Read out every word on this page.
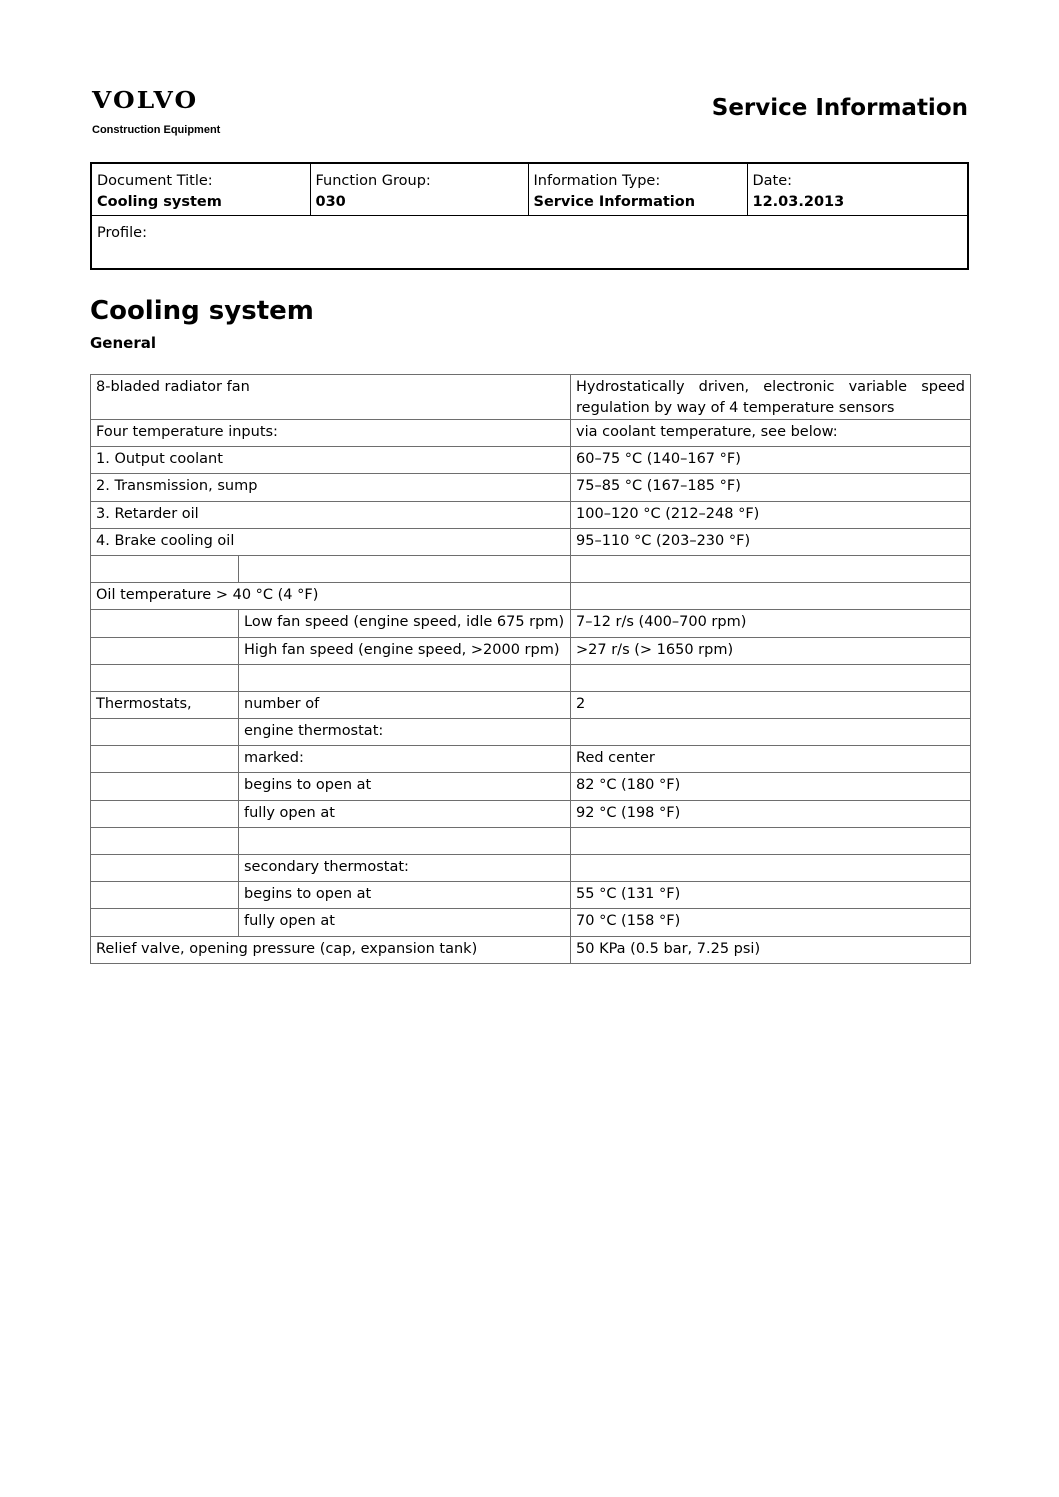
VOLVO
Construction Equipment
Service Information
Document Title:
Cooling system

Function Group:
030

Information Type:
Service Information

Date:
12.03.2013

Profile:
Cooling system
General
8-bladed radiator fan		Hydrostatically driven, electronic variable speed regulation by way of 4 temperature sensors
Four temperature inputs:		via coolant temperature, see below:
1. Output coolant		60–75 °C (140–167 °F)
2. Transmission, sump		75–85 °C (167–185 °F)
3. Retarder oil		100–120 °C (212–248 °F)
4. Brake cooling oil		95–110 °C (203–230 °F)

Oil temperature > 40 °C (4 °F)		
	Low fan speed (engine speed, idle 675 rpm)	7–12 r/s (400–700 rpm)
	High fan speed (engine speed, >2000 rpm)	>27 r/s (> 1650 rpm)

Thermostats,	number of	2
	engine thermostat:	
	marked:	Red center
	begins to open at	82 °C (180 °F)
	fully open at	92 °C (198 °F)

	secondary thermostat:	
	begins to open at	55 °C (131 °F)
	fully open at	70 °C (158 °F)
Relief valve, opening pressure (cap, expansion tank)		50 KPa (0.5 bar, 7.25 psi)
